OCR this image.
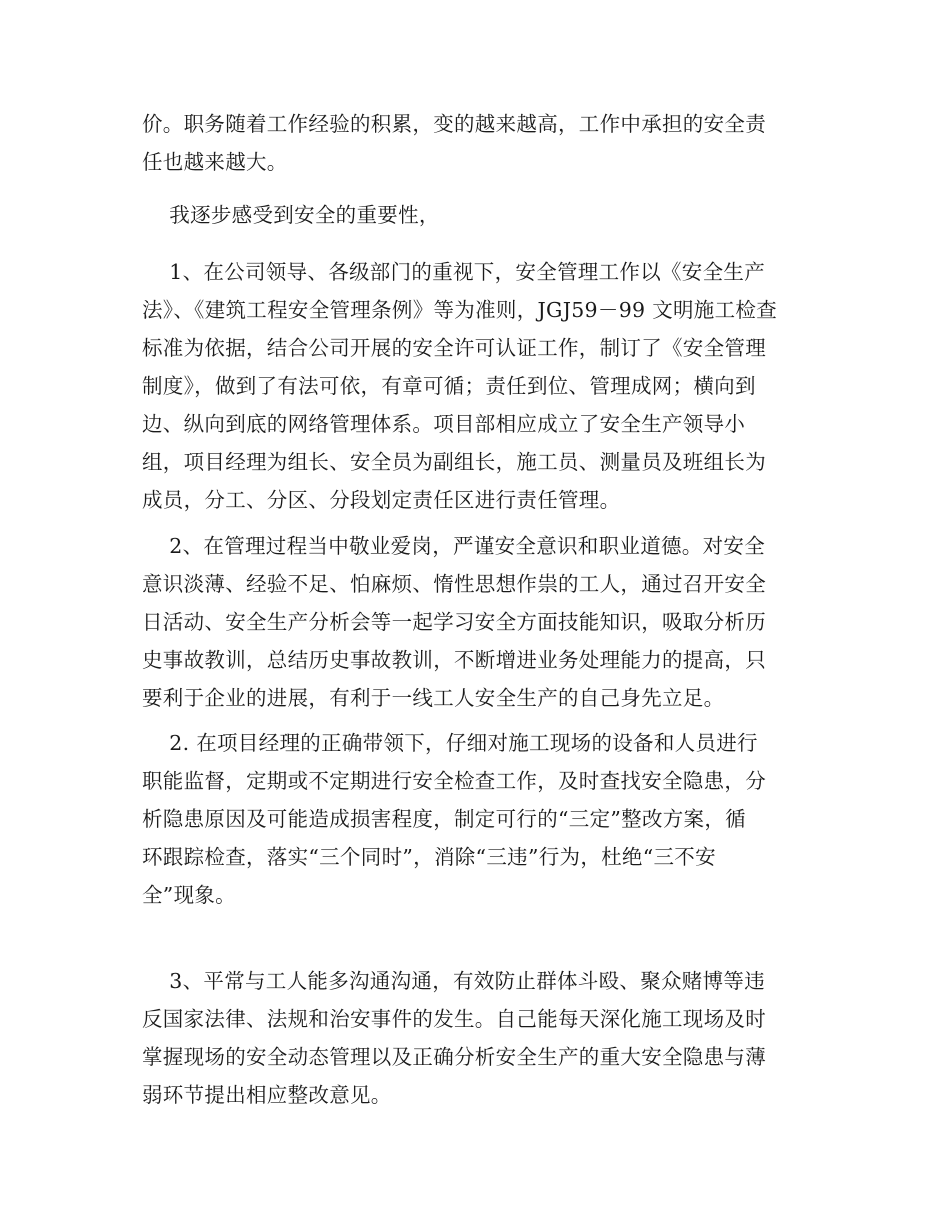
价。职务随着工作经验的积累，变的越来越高，工作中承担的安全责
任也越来越大。

我逐步感受到安全的重要性，

1、在公司领导、各级部门的重视下，安全管理工作以《安全生产
法》、《建筑工程安全管理条例》等为准则，JGJ59－99 文明施工检查
标准为依据，结合公司开展的安全许可认证工作，制订了《安全管理
制度》，做到了有法可依，有章可循；责任到位、管理成网；横向到
边、纵向到底的网络管理体系。项目部相应成立了安全生产领导小
组，项目经理为组长、安全员为副组长，施工员、测量员及班组长为
成员，分工、分区、分段划定责任区进行责任管理。

2、在管理过程当中敬业爱岗，严谨安全意识和职业道德。对安全
意识淡薄、经验不足、怕麻烦、惰性思想作祟的工人，通过召开安全
日活动、安全生产分析会等一起学习安全方面技能知识，吸取分析历
史事故教训，总结历史事故教训，不断增进业务处理能力的提高，只
要利于企业的进展，有利于一线工人安全生产的自己身先立足。

2. 在项目经理的正确带领下，仔细对施工现场的设备和人员进行
职能监督，定期或不定期进行安全检查工作，及时查找安全隐患，分
析隐患原因及可能造成损害程度，制定可行的“三定”整改方案，循
环跟踪检查，落实“三个同时”，消除“三违”行为，杜绝“三不安
全”现象。

3、平常与工人能多沟通沟通，有效防止群体斗殴、聚众赌博等违
反国家法律、法规和治安事件的发生。自己能每天深化施工现场及时
掌握现场的安全动态管理以及正确分析安全生产的重大安全隐患与薄
弱环节提出相应整改意见。
